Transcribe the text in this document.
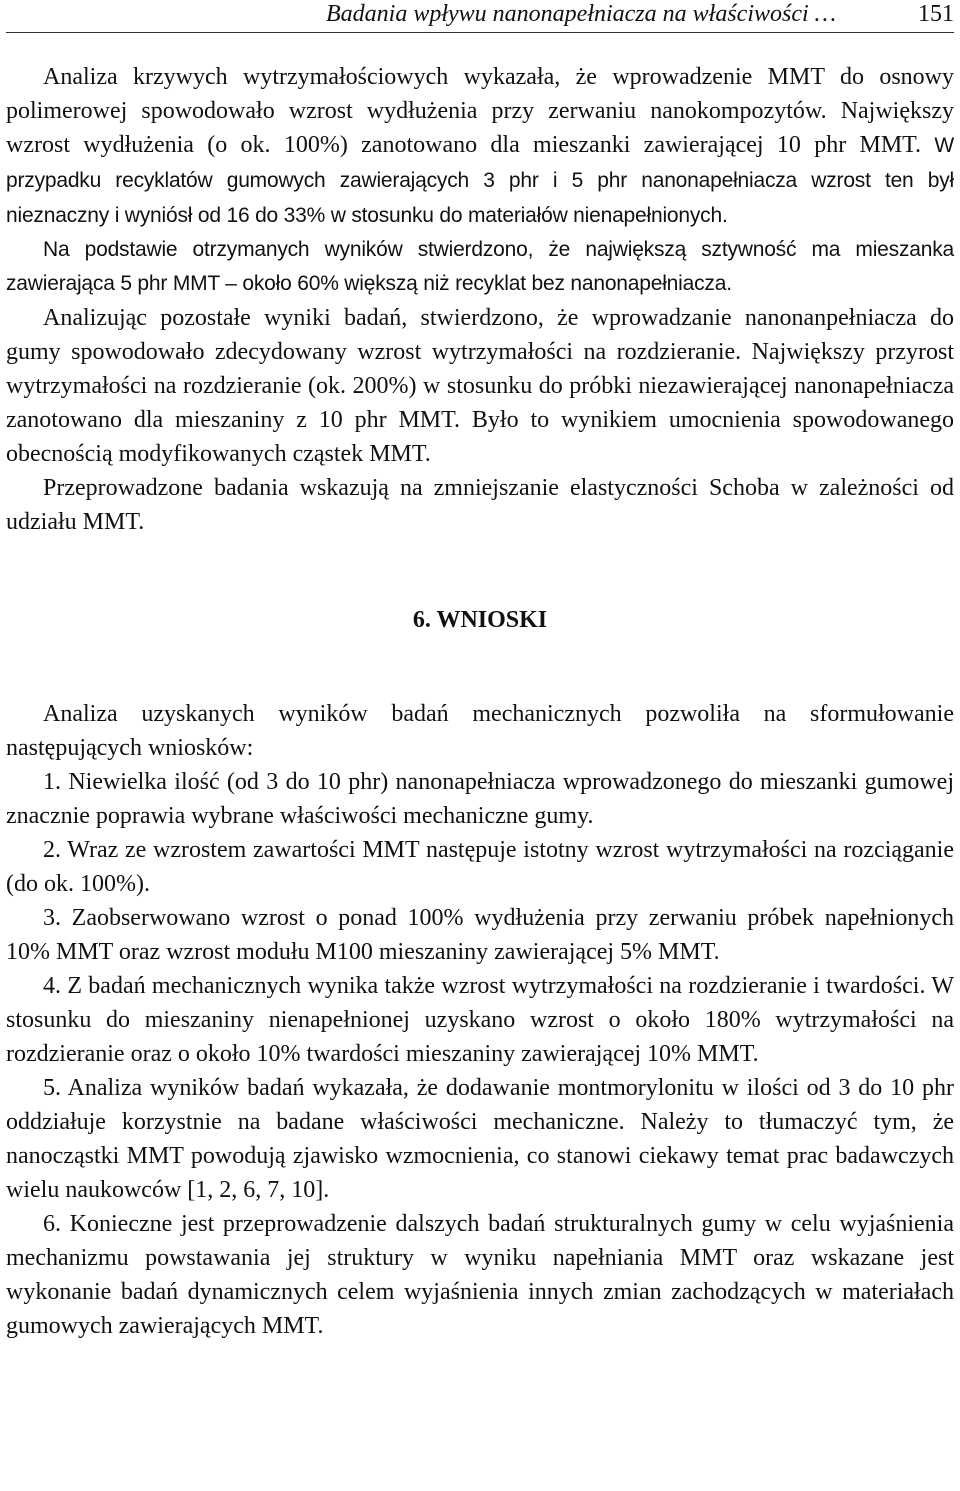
Badania wpływu nanonapełniacza na właściwości …	151

Analiza krzywych wytrzymałościowych wykazała, że wprowadzenie MMT do osnowy polimerowej spowodowało wzrost wydłużenia przy zerwaniu nanokompozytów. Największy wzrost wydłużenia (o ok. 100%) zanotowano dla mieszanki zawierającej 10 phr MMT. W przypadku recyklatów gumowych zawierających 3 phr i 5 phr nanonapełniacza wzrost ten był nieznaczny i wyniósł od 16 do 33% w stosunku do materiałów nienapełnionych.

Na podstawie otrzymanych wyników stwierdzono, że największą sztywność ma mieszanka zawierająca 5 phr MMT – około 60% większą niż recyklat bez nanonapełniacza.

Analizując pozostałe wyniki badań, stwierdzono, że wprowadzanie nanonanpełniacza do gumy spowodowało zdecydowany wzrost wytrzymałości na rozdzieranie. Największy przyrost wytrzymałości na rozdzieranie (ok. 200%) w stosunku do próbki niezawierającej nanonapełniacza zanotowano dla mieszaniny z 10 phr MMT. Było to wynikiem umocnienia spowodowanego obecnością modyfikowanych cząstek MMT.

Przeprowadzone badania wskazują na zmniejszanie elastyczności Schoba w zależności od udziału MMT.

6. WNIOSKI

Analiza uzyskanych wyników badań mechanicznych pozwoliła na sformułowanie następujących wniosków:

1. Niewielka ilość (od 3 do 10 phr) nanonapełniacza wprowadzonego do mieszanki gumowej znacznie poprawia wybrane właściwości mechaniczne gumy.

2. Wraz ze wzrostem zawartości MMT następuje istotny wzrost wytrzymałości na rozciąganie (do ok. 100%).

3. Zaobserwowano wzrost o ponad 100% wydłużenia przy zerwaniu próbek napełnionych 10% MMT oraz wzrost modułu M100 mieszaniny zawierającej 5% MMT.

4. Z badań mechanicznych wynika także wzrost wytrzymałości na rozdzieranie i twardości. W stosunku do mieszaniny nienapełnionej uzyskano wzrost o około 180% wytrzymałości na rozdzieranie oraz o około 10% twardości mieszaniny zawierającej 10% MMT.

5. Analiza wyników badań wykazała, że dodawanie montmorylonitu w ilości od 3 do 10 phr oddziałuje korzystnie na badane właściwości mechaniczne. Należy to tłumaczyć tym, że nanocząstki MMT powodują zjawisko wzmocnienia, co stanowi ciekawy temat prac badawczych wielu naukowców [1, 2, 6, 7, 10].

6. Konieczne jest przeprowadzenie dalszych badań strukturalnych gumy w celu wyjaśnienia mechanizmu powstawania jej struktury w wyniku napełniania MMT oraz wskazane jest wykonanie badań dynamicznych celem wyjaśnienia innych zmian zachodzących w materiałach gumowych zawierających MMT.
